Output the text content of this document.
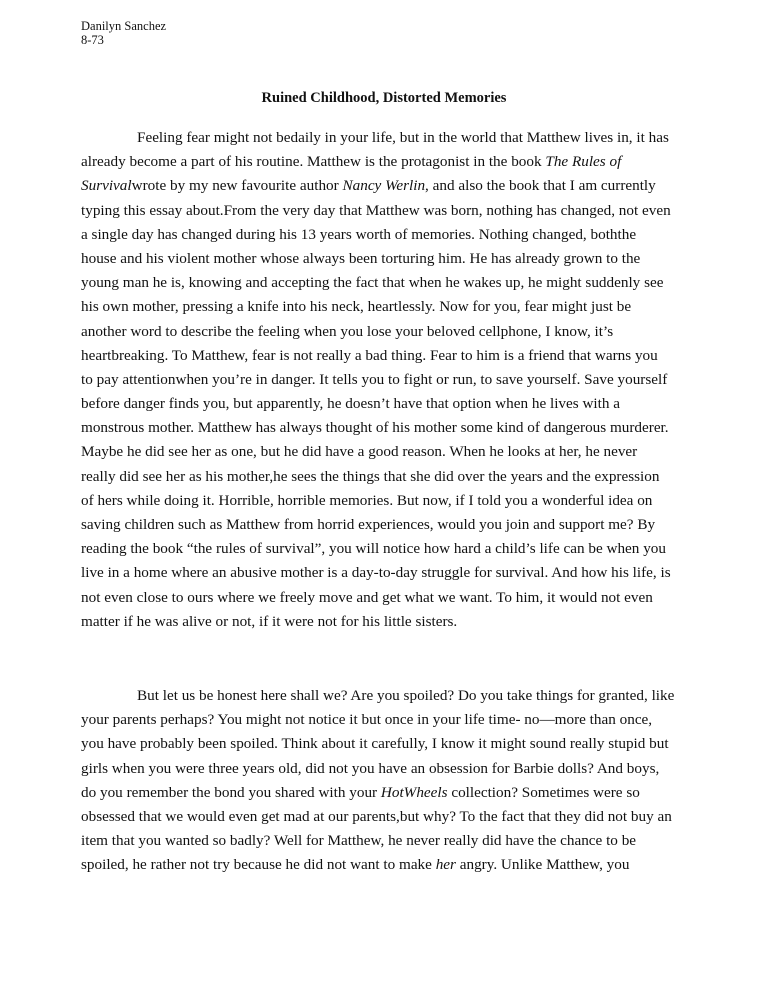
Danilyn Sanchez
8-73
Ruined Childhood, Distorted Memories
Feeling fear might not bedaily in your life, but in the world that Matthew lives in, it has
already become a part of his routine. Matthew is the protagonist in the book The Rules of
Survivalwrote by my new favourite author Nancy Werlin, and also the book that I am currently
typing this essay about.From the very day that Matthew was born, nothing has changed, not even
a single day has changed during his 13 years worth of memories. Nothing changed, boththe
house and his violent mother whose always been torturing him. He has already grown to the
young man he is, knowing and accepting the fact that when he wakes up, he might suddenly see
his own mother, pressing a knife into his neck, heartlessly. Now for you, fear might just be
another word to describe the feeling when you lose your beloved cellphone, I know, it’s
heartbreaking. To Matthew, fear is not really a bad thing. Fear to him is a friend that warns you
to pay attentionwhen you’re in danger. It tells you to fight or run, to save yourself. Save yourself
before danger finds you, but apparently, he doesn’t have that option when he lives with a
monstrous mother. Matthew has always thought of his mother some kind of dangerous murderer.
Maybe he did see her as one, but he did have a good reason. When he looks at her, he never
really did see her as his mother,he sees the things that she did over the years and the expression
of hers while doing it. Horrible, horrible memories. But now, if I told you a wonderful idea on
saving children such as Matthew from horrid experiences, would you join and support me? By
reading the book “the rules of survival”, you will notice how hard a child’s life can be when you
live in a home where an abusive mother is a day-to-day struggle for survival. And how his life, is
not even close to ours where we freely move and get what we want. To him, it would not even
matter if he was alive or not, if it were not for his little sisters.
But let us be honest here shall we? Are you spoiled? Do you take things for granted, like
your parents perhaps? You might not notice it but once in your life time- no—more than once,
you have probably been spoiled. Think about it carefully, I know it might sound really stupid but
girls when you were three years old, did not you have an obsession for Barbie dolls? And boys,
do you remember the bond you shared with your HotWheels collection? Sometimes were so
obsessed that we would even get mad at our parents,but why? To the fact that they did not buy an
item that you wanted so badly? Well for Matthew, he never really did have the chance to be
spoiled, he rather not try because he did not want to make her angry. Unlike Matthew, you
